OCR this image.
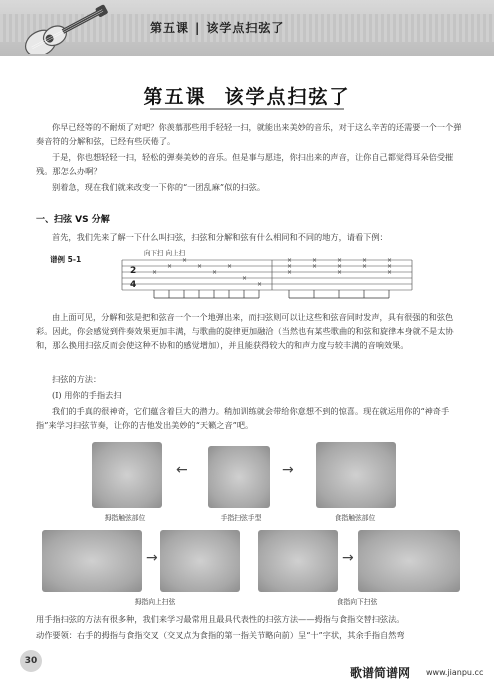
第五课 | 该学点扫弦了
第五课 该学点扫弦了
你早已经等的不耐烦了对吧？你羡慕那些用手轻轻一扫，就能出来美妙的音乐，对于这么辛苦的还需要一个一个弹奏音符的分解和弦，已经有些厌倦了。
于是，你也想轻轻一扫，轻松的弹奏美妙的音乐。但是事与愿违，你扫出来的声音，让你自己都觉得耳朵倍受摧残。那怎么办啊？
别着急，现在我们就来改变一下你的“一团乱麻”似的扫弦。
一、扫弦 VS 分解
首先，我们先来了解一下什么叫扫弦，扫弦和分解和弦有什么相同和不同的地方，请看下例：
谱例 5-1
向下扫 向上扫
2
4
×
×
×
×
×
×
×
×
×
×
×
×
×
×
×
×
×
×
×
×
×
由上面可见，分解和弦是把和弦音一个一个地弹出来，而扫弦则可以让这些和弦音同时发声，具有很强的和弦色彩。因此，你会感觉到件奏效果更加丰满，与歌曲的旋律更加融洽（当然也有某些歌曲的和弦和旋律本身就不是太协和，那么换用扫弦反而会使这种不协和的感觉增加），并且能获得较大的和声力度与较丰满的音响效果。
扫弦的方法：
(I) 用你的手指去扫
我们的手真的很神奇，它们蕴含着巨大的潜力。稍加训练就会带给你意想不到的惊喜。现在就运用你的“神奇手指”来学习扫弦节奏，让你的吉他发出美妙的“天籁之音”吧。
←	→
拇指触弦部位	手指扫弦手型	食指触弦部位
→	→
拇指向上扫弦	食指向下扫弦
用手指扫弦的方法有很多种，我们来学习最常用且最具代表性的扫弦方法——拇指与食指交替扫弦法。
动作要领：右手的拇指与食指交叉（交叉点为食指的第一指关节略向前）呈“十”字状，其余手指自然弯
30
歌谱简谱网 www.jianpu.cc
